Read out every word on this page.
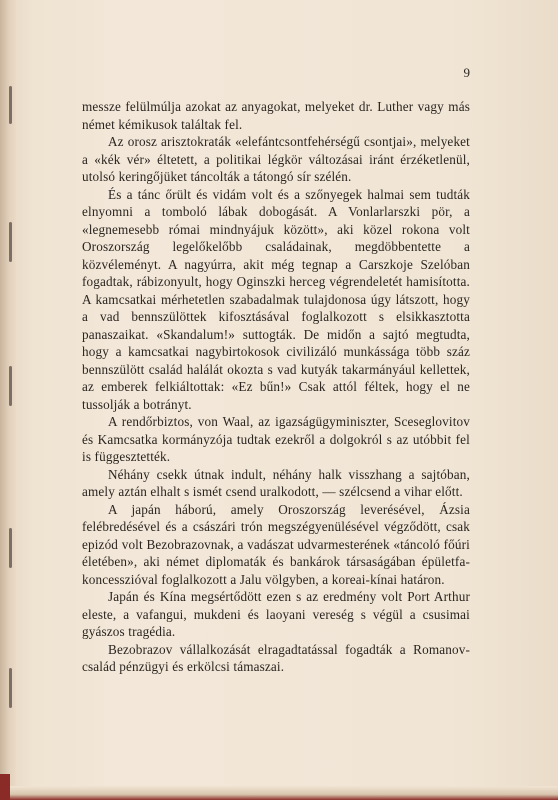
9

messze felülmúlja azokat az anyagokat, melyeket dr. Luther vagy más német kémikusok találtak fel.

Az orosz arisztokraták «elefántcsontfehérségű csontjai», melyeket a «kék vér» éltetett, a politikai légkör változásai iránt érzéketlenül, utolsó keringőjüket táncolták a tátongó sír szélén.

És a tánc őrült és vidám volt és a szőnyegek halmai sem tudták elnyomni a tomboló lábak dobogását. A Vonlarlarszki pör, a «legnemesebb római mindnyájuk között», aki közel rokona volt Oroszország legelőkelőbb családainak, megdöbbentette a közvéleményt. A nagyúrra, akit még tegnap a Carszkoje Szelóban fogadtak, rábizonyult, hogy Oginszki herceg végrendeletét hamisította. A kamcsatkai mérhetetlen szabadalmak tulajdonosa úgy látszott, hogy a vad bennszülöttek kifosztásával foglalkozott s elsikkasztotta panaszaikat. «Skandalum!» suttogták. De midőn a sajtó megtudta, hogy a kamcsatkai nagybirtokosok civilizáló munkássága több száz bennszülött család halálát okozta s vad kutyák takarmányául kellettek, az emberek felkiáltottak: «Ez bűn!» Csak attól féltek, hogy el ne tussolják a botrányt.

A rendőrbiztos, von Waal, az igazságügyminiszter, Sceseglovitov és Kamcsatka kormányzója tudtak ezekről a dolgokról s az utóbbit fel is függesztették.

Néhány csekk útnak indult, néhány halk visszhang a sajtóban, amely aztán elhalt s ismét csend uralkodott, — szélcsend a vihar előtt.

A japán háború, amely Oroszország leverésével, Ázsia felébredésével és a császári trón megszégyenülésével végződött, csak epizód volt Bezobrazovnak, a vadászat udvarmesterének «táncoló főúri életében», aki német diplomaták és bankárok társaságában épületfa-koncesszióval foglalkozott a Jalu völgyben, a koreai-kínai határon.

Japán és Kína megsértődött ezen s az eredmény volt Port Arthur eleste, a vafangui, mukdeni és laoyani vereség s végül a csusimai gyászos tragédia.

Bezobrazov vállalkozását elragadtatással fogadták a Romanov-család pénzügyi és erkölcsi támaszai.
